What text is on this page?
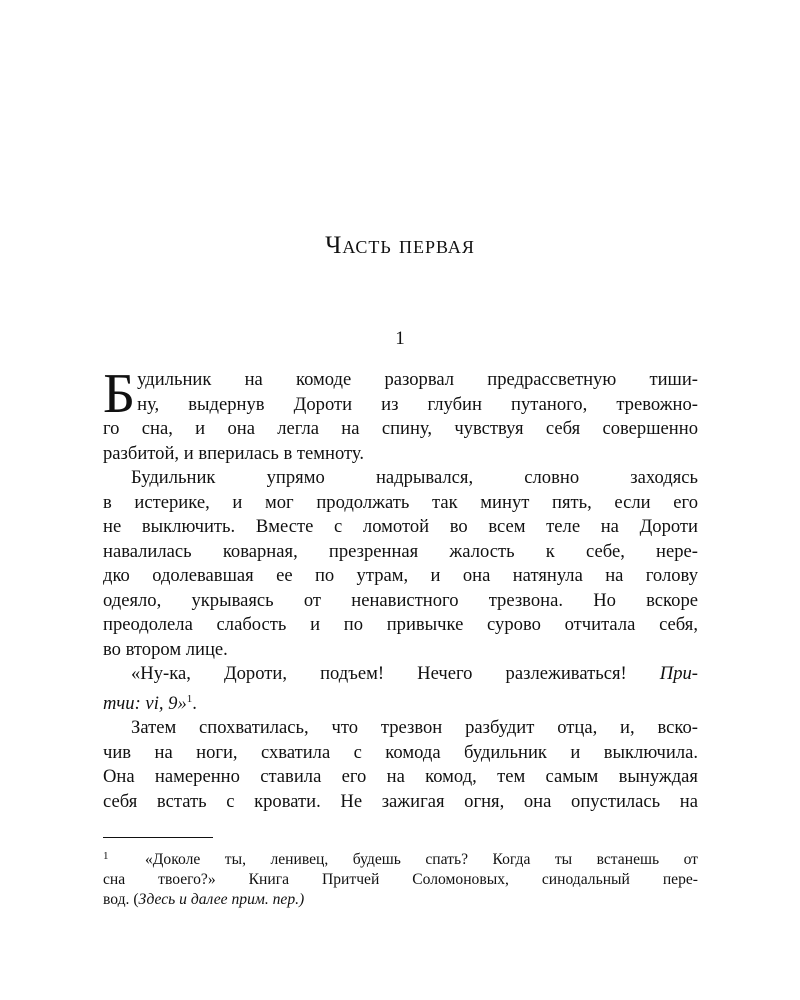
Часть первая
1
Б удильник на комоде разорвал предрассветную тиши-
ну, выдернув Дороти из глубин путаного, тревожно-
го сна, и она легла на спину, чувствуя себя совершенно
разбитой, и вперилась в темноту.
Будильник упрямо надрывался, словно заходясь
в истерике, и мог продолжать так минут пять, если его
не выключить. Вместе с ломотой во всем теле на Дороти
навалилась коварная, презренная жалость к себе, нере-
дко одолевавшая ее по утрам, и она натянула на голову
одеяло, укрываясь от ненавистного трезвона. Но вскоре
преодолела слабость и по привычке сурово отчитала себя,
во втором лице.
«Ну-ка, Дороти, подъем! Нечего разлеживаться! При-
тчи: vi, 9»$^1$.
Затем спохватилась, что трезвон разбудит отца, и, вско-
чив на ноги, схватила с комода будильник и выключила.
Она намеренно ставила его на комод, тем самым вынуждая
себя встать с кровати. Не зажигая огня, она опустилась на
1 «Доколе ты, ленивец, будешь спать? Когда ты встанешь от
сна твоего?» Книга Притчей Соломоновых, синодальный пере-
вод. (Здесь и далее прим. пер.)
